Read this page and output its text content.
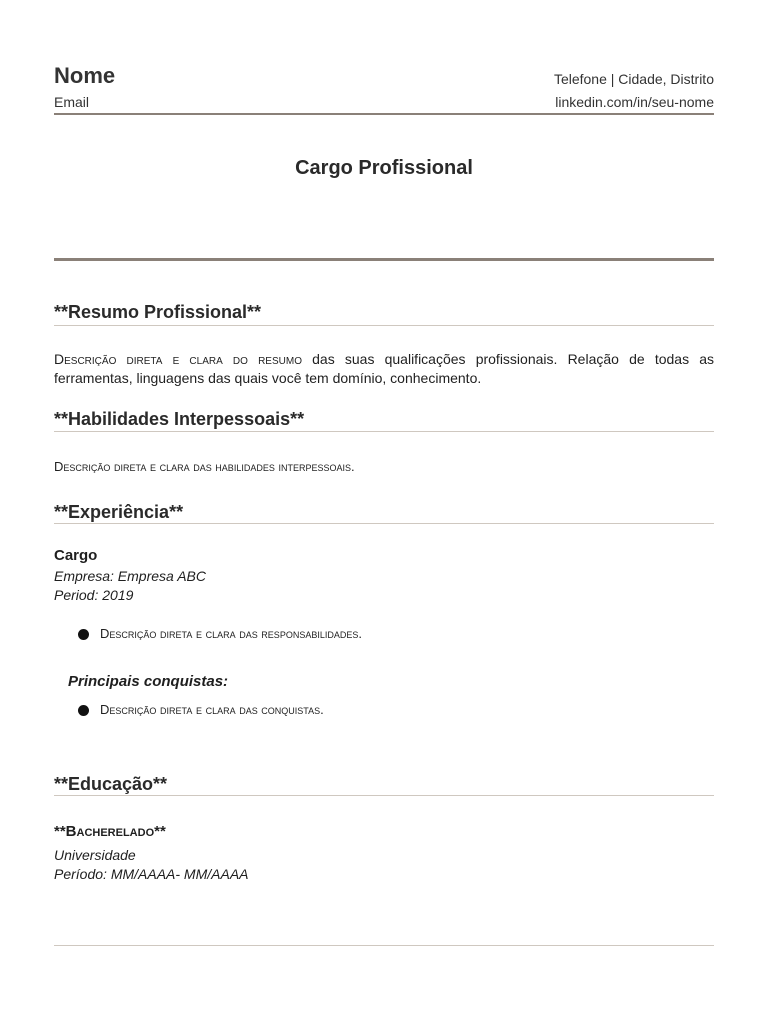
Nome
Email
Telefone | Cidade, Distrito
linkedin.com/in/seu-nome
Cargo Profissional
**Resumo Profissional**
Descrição direta e clara do resumo das suas qualificações profissionais. Relação de todas as ferramentas, linguagens das quais você tem domínio, conhecimento.
**Habilidades Interpessoais**
Descrição direta e clara das habilidades interpessoais.
**Experiência**
Cargo
Empresa: Empresa ABC
Period: 2019
Descrição direta e clara das responsabilidades.
Principais conquistas:
Descrição direta e clara das conquistas.
**Educação**
**Bacherelado**
Universidade
Período: MM/AAAA- MM/AAAA
